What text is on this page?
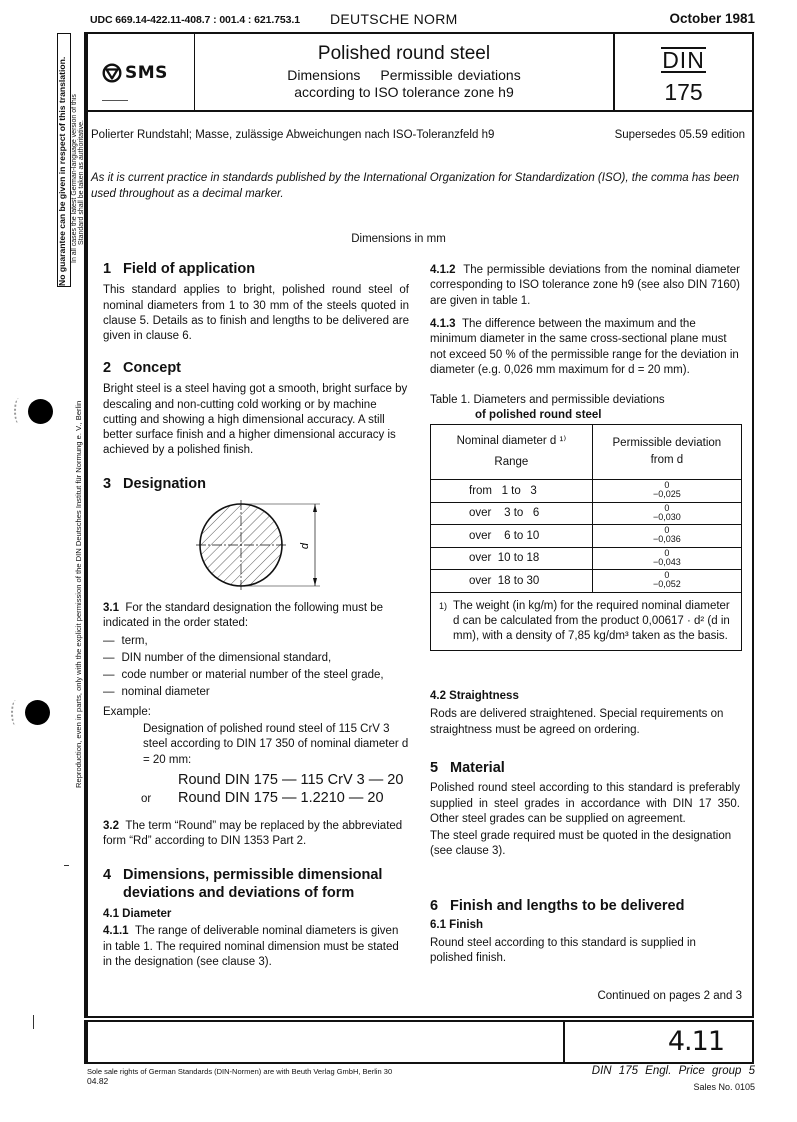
UDC 669.14-422.11-408.7 : 001.4 : 621.753.1 DEUTSCHE NORM	October 1981
No guarantee can be given in respect of this translation. In all cases the latest German-language version of this Standard shall be taken as authoritative.
Reproduction, even in parts, only with the explicit permission of the DIN Deutsches Institut für Normung e. V., Berlin
SMS
Polished round steel
Dimensions Permissible deviations
according to ISO tolerance zone h9
DIN
175
Polierter Rundstahl; Masse, zulässige Abweichungen nach ISO-Toleranzfeld h9	Supersedes 05.59 edition
As it is current practice in standards published by the International Organization for Standardization (ISO), the comma has been used throughout as a decimal marker.
Dimensions in mm
1 Field of application

This standard applies to bright, polished round steel of nominal diameters from 1 to 30 mm of the steels quoted in clause 5. Details as to finish and lengths to be delivered are given in clause 6.

2 Concept

Bright steel is a steel having got a smooth, bright surface by descaling and non-cutting cold working or by machine cutting and showing a high dimensional accuracy. A still better surface finish and a higher dimensional accuracy is achieved by a polished finish.

3 Designation
d

3.1 For the standard designation the following must be indicated in the order stated:

— term,
— DIN number of the dimensional standard,
— code number or material number of the steel grade,
— nominal diameter

Example:

Designation of polished round steel of 115 CrV 3 steel according to DIN 17 350 of nominal diameter d = 20 mm:

Round DIN 175 — 115 CrV 3 — 20
or	Round DIN 175 — 1.2210 — 20

3.2 The term “Round” may be replaced by the abbreviated form “Rd” according to DIN 1353 Part 2.

4 Dimensions, permissible dimensional
deviations and deviations of form
4.1 Diameter

4.1.1 The range of deliverable nominal diameters is given in table 1. The required nominal dimension must be stated in the designation (see clause 3).

4.1.2 The permissible deviations from the nominal diameter corresponding to ISO tolerance zone h9 (see also DIN 7160) are given in table 1.

4.1.3 The difference between the maximum and the minimum diameter in the same cross-sectional plane must not exceed 50 % of the permissible range for the deviation in diameter (e.g. 0,026 mm maximum for d = 20 mm).

Table 1. Diameters and permissible deviations
of polished round steel
Nominal diameter d ¹⁾
Range

Permissible deviation
from d

from   1 to   3	0
−0,025
over    3 to   6	0
−0,030
over    6 to 10	0
−0,036
over  10 to 18	0
−0,043
over  18 to 30	0
−0,052

1) The weight (in kg/m) for the required nominal diameter d can be calculated from the product 0,00617 · d² (d in mm), with a density of 7,85 kg/dm³ taken as the basis.	
4.2 Straightness

Rods are delivered straightened. Special requirements on straightness must be agreed on ordering.

5 Material

Polished round steel according to this standard is preferably supplied in steel grades in accordance with DIN 17 350. Other steel grades can be supplied on agreement.

The steel grade required must be quoted in the designation (see clause 3).

6 Finish and lengths to be delivered
6.1 Finish

Round steel according to this standard is supplied in polished finish.

Continued on pages 2 and 3
4.11
Sole sale rights of German Standards (DIN-Normen) are with Beuth Verlag GmbH, Berlin 30
04.82
DIN 175 Engl. Price group 5
Sales No. 0105
